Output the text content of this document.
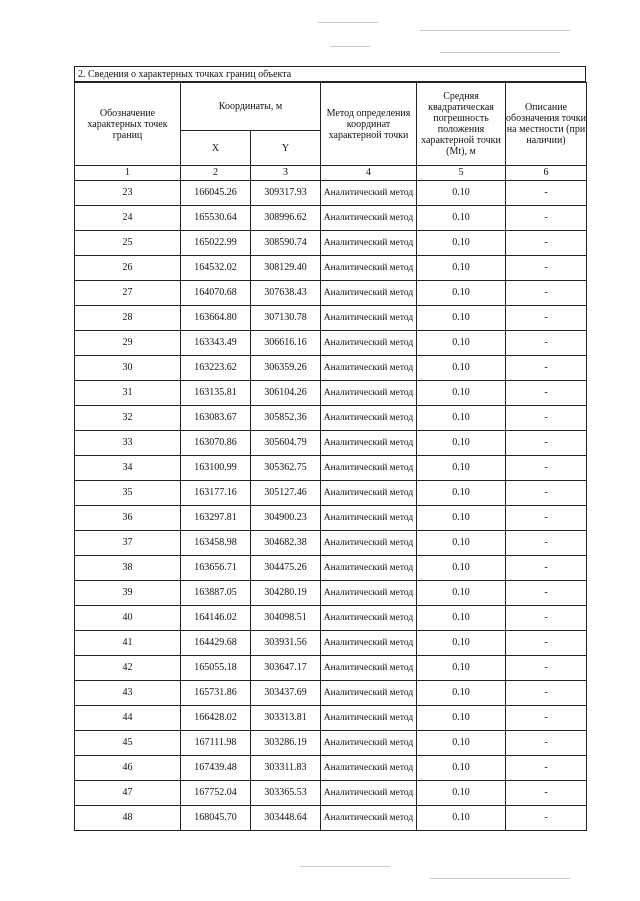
2. Сведения о характерных точках границ объекта
Обозначение характерных точек границ	Координаты, м		Метод определения координат характерной точки	Средняя квадратическая погрешность положения характерной точки (Mt), м	Описание обозначения точки на местности (при наличии)
	X	Y			
1	2	3	4	5	6
23	166045.26	309317.93	Аналитический метод	0.10	-
24	165530.64	308996.62	Аналитический метод	0.10	-
25	165022.99	308590.74	Аналитический метод	0.10	-
26	164532.02	308129.40	Аналитический метод	0.10	-
27	164070.68	307638.43	Аналитический метод	0.10	-
28	163664.80	307130.78	Аналитический метод	0.10	-
29	163343.49	306616.16	Аналитический метод	0.10	-
30	163223.62	306359.26	Аналитический метод	0.10	-
31	163135.81	306104.26	Аналитический метод	0.10	-
32	163083.67	305852.36	Аналитический метод	0.10	-
33	163070.86	305604.79	Аналитический метод	0.10	-
34	163100.99	305362.75	Аналитический метод	0.10	-
35	163177.16	305127.46	Аналитический метод	0.10	-
36	163297.81	304900.23	Аналитический метод	0.10	-
37	163458.98	304682.38	Аналитический метод	0.10	-
38	163656.71	304475.26	Аналитический метод	0.10	-
39	163887.05	304280.19	Аналитический метод	0.10	-
40	164146.02	304098.51	Аналитический метод	0.10	-
41	164429.68	303931.56	Аналитический метод	0.10	-
42	165055.18	303647.17	Аналитический метод	0.10	-
43	165731.86	303437.69	Аналитический метод	0.10	-
44	166428.02	303313.81	Аналитический метод	0.10	-
45	167111.98	303286.19	Аналитический метод	0.10	-
46	167439.48	303311.83	Аналитический метод	0.10	-
47	167752.04	303365.53	Аналитический метод	0.10	-
48	168045.70	303448.64	Аналитический метод	0.10	-
